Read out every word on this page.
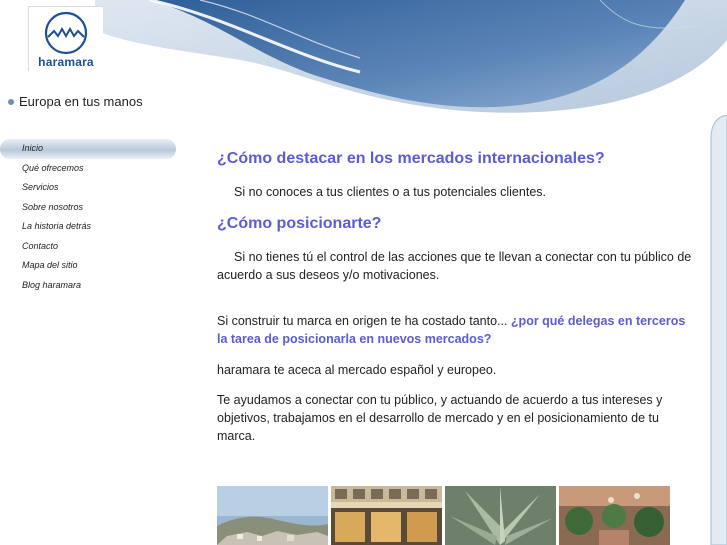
haramara
Europa en tus manos
Inicio
Qué ofrecemos
Servicios
Sobre nosotros
La historia detrás
Contacto
Mapa del sitio
Blog haramara
¿Cómo destacar en los mercados internacionales?

Si no conoces a tus clientes o a tus potenciales clientes.

¿Cómo posicionarte?

Si no tienes tú el control de las acciones que te llevan a conectar con tu público de acuerdo a sus deseos y/o motivaciones.

Si construir tu marca en origen te ha costado tanto... ¿por qué delegas en terceros la tarea de posicionarla en nuevos mercados?

haramara te aceca al mercado español y europeo.

Te ayudamos a conectar con tu público, y actuando de acuerdo a tus intereses y objetivos, trabajamos en el desarrollo de mercado y en el posicionamiento de tu marca.
